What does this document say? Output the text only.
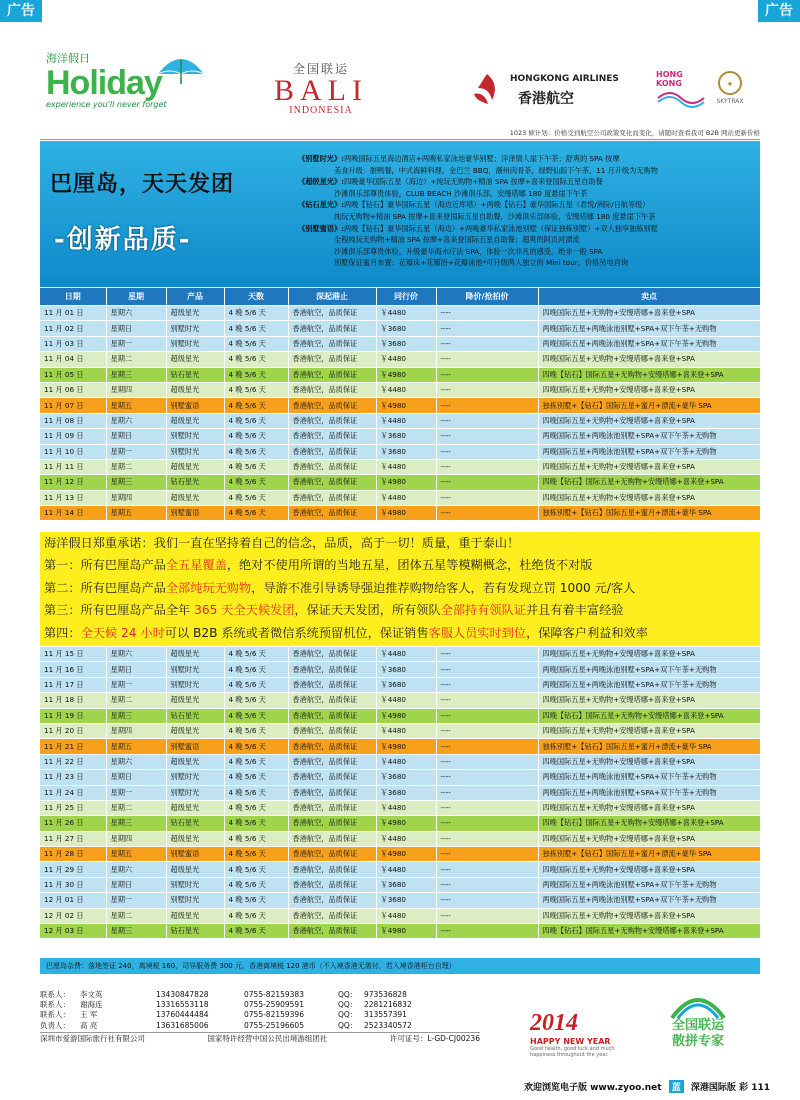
广告	广告
海洋假日
Holiday
experience you'll never forget
全国联运
BALI
INDONESIA
HONGKONG AIRLINES
香港航空
HONG KONG	★
SKYTRAX
1023 倾计划：价格受到航空公司政策变化而变化，请随时查看我司 B2B 网站更新价格
巴厘岛，天天发团
-创新品质-
《别墅时光》:两晚国际五星海边酒店+两晚私家泳池豪华别墅；洋泽情人崖下午茶；舒爽的 SPA 按摩
美食升级：脏鸭餐，中式海鲜料理，金巴兰 BBQ，潮州肉骨茶，绿野仙踪下午茶，11 月升级为无购物
《超级星光》:四晚豪华国际五星（海边）+纯玩无购物+精油 SPA 按摩+喜来登国际五星自助餐
沙滩俱乐部尊贵体验，CLUB BEACH 沙滩俱乐部，安缦塔娜 180 度悬崖下午茶
《钻石星光》:两晚【钻石】豪华国际五星（海边近库塔）+两晚【钻石】豪华国际五星（君悦/洲际/日航等级）
纯玩无购物+精油 SPA 按摩+喜来登国际五星自助餐，沙滩俱乐部体验，安缦塔娜 180 度悬崖下午茶
《别墅蜜语》:两晚【钻石】豪华国际五星（海边）+两晚豪华私家泳池别墅（保证独栋别墅）+双人独享独栋别墅
全程纯玩无购物+精油 SPA 按摩+喜来登国际五星自助餐；超爽的阿贡河漂流
沙滩俱乐部尊贵体验，升级豪华海水疗法 SPA，体验一次非凡的感受，绝非一般 SPA
别墅保证蜜月布置：花瓣床+花瓣浴+花瓣泳池*可升级两人独立的 Mini tour，价格另电咨询
日期	星期	产品	天数	深起港止	同行价	降价/抢拍价	卖点
11 月 01 日	星期六	超级星光	4 晚 5/6 天	香港航空，品质保证	￥4480	----	四晚国际五星+无购物+安缦塔娜+喜来登+SPA
11 月 02 日	星期日	别墅时光	4 晚 5/6 天	香港航空，品质保证	￥3680	----	两晚国际五星+两晚泳池别墅+SPA+双下午茶+无购物
11 月 03 日	星期一	别墅时光	4 晚 5/6 天	香港航空，品质保证	￥3680	----	两晚国际五星+两晚泳池别墅+SPA+双下午茶+无购物
11 月 04 日	星期二	超级星光	4 晚 5/6 天	香港航空，品质保证	￥4480	----	四晚国际五星+无购物+安缦塔娜+喜来登+SPA
11 月 05 日	星期三	钻石星光	4 晚 5/6 天	香港航空，品质保证	￥4980	----	四晚【钻石】国际五星+无购物+安缦塔娜+喜来登+SPA
11 月 06 日	星期四	超级星光	4 晚 5/6 天	香港航空，品质保证	￥4480	----	四晚国际五星+无购物+安缦塔娜+喜来登+SPA
11 月 07 日	星期五	别墅蜜语	4 晚 5/6 天	香港航空，品质保证	￥4980	----	独栋别墅+【钻石】国际五星+蜜月+漂流+豪华 SPA
11 月 08 日	星期六	超级星光	4 晚 5/6 天	香港航空，品质保证	￥4480	----	四晚国际五星+无购物+安缦塔娜+喜来登+SPA
11 月 09 日	星期日	别墅时光	4 晚 5/6 天	香港航空，品质保证	￥3680	----	两晚国际五星+两晚泳池别墅+SPA+双下午茶+无购物
11 月 10 日	星期一	别墅时光	4 晚 5/6 天	香港航空，品质保证	￥3680	----	两晚国际五星+两晚泳池别墅+SPA+双下午茶+无购物
11 月 11 日	星期二	超级星光	4 晚 5/6 天	香港航空，品质保证	￥4480	----	四晚国际五星+无购物+安缦塔娜+喜来登+SPA
11 月 12 日	星期三	钻石星光	4 晚 5/6 天	香港航空，品质保证	￥4980	----	四晚【钻石】国际五星+无购物+安缦塔娜+喜来登+SPA
11 月 13 日	星期四	超级星光	4 晚 5/6 天	香港航空，品质保证	￥4480	----	四晚国际五星+无购物+安缦塔娜+喜来登+SPA
11 月 14 日	星期五	别墅蜜语	4 晚 5/6 天	香港航空，品质保证	￥4980	----	独栋别墅+【钻石】国际五星+蜜月+漂流+豪华 SPA

海洋假日郑重承诺：我们一直在坚持着自己的信念，品质，高于一切！质量，重于泰山！

第一：所有巴厘岛产品全五星覆盖，绝对不使用所谓的当地五星，团体五星等模糊概念，杜绝货不对版

第二：所有巴厘岛产品全部纯玩无购物，导游不准引导诱导强迫推荐购物给客人，若有发现立罚 1000 元/客人

第三：所有巴厘岛产品全年 365 天全天候发团，保证天天发团，所有领队全部持有领队证并且有着丰富经验

第四：全天候 24 小时可以 B2B 系统或者微信系统预留机位，保证销售客服人员实时到位，保障客户利益和效率

11 月 15 日	星期六	超级星光	4 晚 5/6 天	香港航空，品质保证	￥4480	----	四晚国际五星+无购物+安缦塔娜+喜来登+SPA
11 月 16 日	星期日	别墅时光	4 晚 5/6 天	香港航空，品质保证	￥3680	----	两晚国际五星+两晚泳池别墅+SPA+双下午茶+无购物
11 月 17 日	星期一	别墅时光	4 晚 5/6 天	香港航空，品质保证	￥3680	----	两晚国际五星+两晚泳池别墅+SPA+双下午茶+无购物
11 月 18 日	星期二	超级星光	4 晚 5/6 天	香港航空，品质保证	￥4480	----	四晚国际五星+无购物+安缦塔娜+喜来登+SPA
11 月 19 日	星期三	钻石星光	4 晚 5/6 天	香港航空，品质保证	￥4980	----	四晚【钻石】国际五星+无购物+安缦塔娜+喜来登+SPA
11 月 20 日	星期四	超级星光	4 晚 5/6 天	香港航空，品质保证	￥4480	----	四晚国际五星+无购物+安缦塔娜+喜来登+SPA
11 月 21 日	星期五	别墅蜜语	4 晚 5/6 天	香港航空，品质保证	￥4980	----	独栋别墅+【钻石】国际五星+蜜月+漂流+豪华 SPA
11 月 22 日	星期六	超级星光	4 晚 5/6 天	香港航空，品质保证	￥4480	----	四晚国际五星+无购物+安缦塔娜+喜来登+SPA
11 月 23 日	星期日	别墅时光	4 晚 5/6 天	香港航空，品质保证	￥3680	----	两晚国际五星+两晚泳池别墅+SPA+双下午茶+无购物
11 月 24 日	星期一	别墅时光	4 晚 5/6 天	香港航空，品质保证	￥3680	----	两晚国际五星+两晚泳池别墅+SPA+双下午茶+无购物
11 月 25 日	星期二	超级星光	4 晚 5/6 天	香港航空，品质保证	￥4480	----	四晚国际五星+无购物+安缦塔娜+喜来登+SPA
11 月 26 日	星期三	钻石星光	4 晚 5/6 天	香港航空，品质保证	￥4980	----	四晚【钻石】国际五星+无购物+安缦塔娜+喜来登+SPA
11 月 27 日	星期四	超级星光	4 晚 5/6 天	香港航空，品质保证	￥4480	----	四晚国际五星+无购物+安缦塔娜+喜来登+SPA
11 月 28 日	星期五	别墅蜜语	4 晚 5/6 天	香港航空，品质保证	￥4980	----	独栋别墅+【钻石】国际五星+蜜月+漂流+豪华 SPA
11 月 29 日	星期六	超级星光	4 晚 5/6 天	香港航空，品质保证	￥4480	----	四晚国际五星+无购物+安缦塔娜+喜来登+SPA
11 月 30 日	星期日	别墅时光	4 晚 5/6 天	香港航空，品质保证	￥3680	----	两晚国际五星+两晚泳池别墅+SPA+双下午茶+无购物
12 月 01 日	星期一	别墅时光	4 晚 5/6 天	香港航空，品质保证	￥3680	----	两晚国际五星+两晚泳池别墅+SPA+双下午茶+无购物
12 月 02 日	星期二	超级星光	4 晚 5/6 天	香港航空，品质保证	￥4480	----	四晚国际五星+无购物+安缦塔娜+喜来登+SPA
12 月 03 日	星期三	钻石星光	4 晚 5/6 天	香港航空，品质保证	￥4980	----	四晚【钻石】国际五星+无购物+安缦塔娜+喜来登+SPA
巴厘岛杂费：落地签证 240，离境税 160，司导服务费 300 元，香港离境税 120 港币（不入境香港无需付，若入境香港柜台自理）
联系人：	李文英	13430847828	0755-82159383	QQ： 973536828
联系人：	谢海连	13316553118	0755-25909591	QQ： 2281216832
联系人：	王 军	13760444484	0755-82159396	QQ： 313557391
负责人：	高 亮	13631685006	0755-25196605	QQ： 2523340572
深圳市爱游国际旅行社有限公司	国家特许经营中国公民出境游组团社	许可证号：L-GD-CJ00236
2014
HAPPY NEW YEAR
Good health, good luck and much happiness throughout the year.
全国联运
散拼专家
欢迎浏览电子版 www.zyoo.net 蓝 深港国际版 彩 111
